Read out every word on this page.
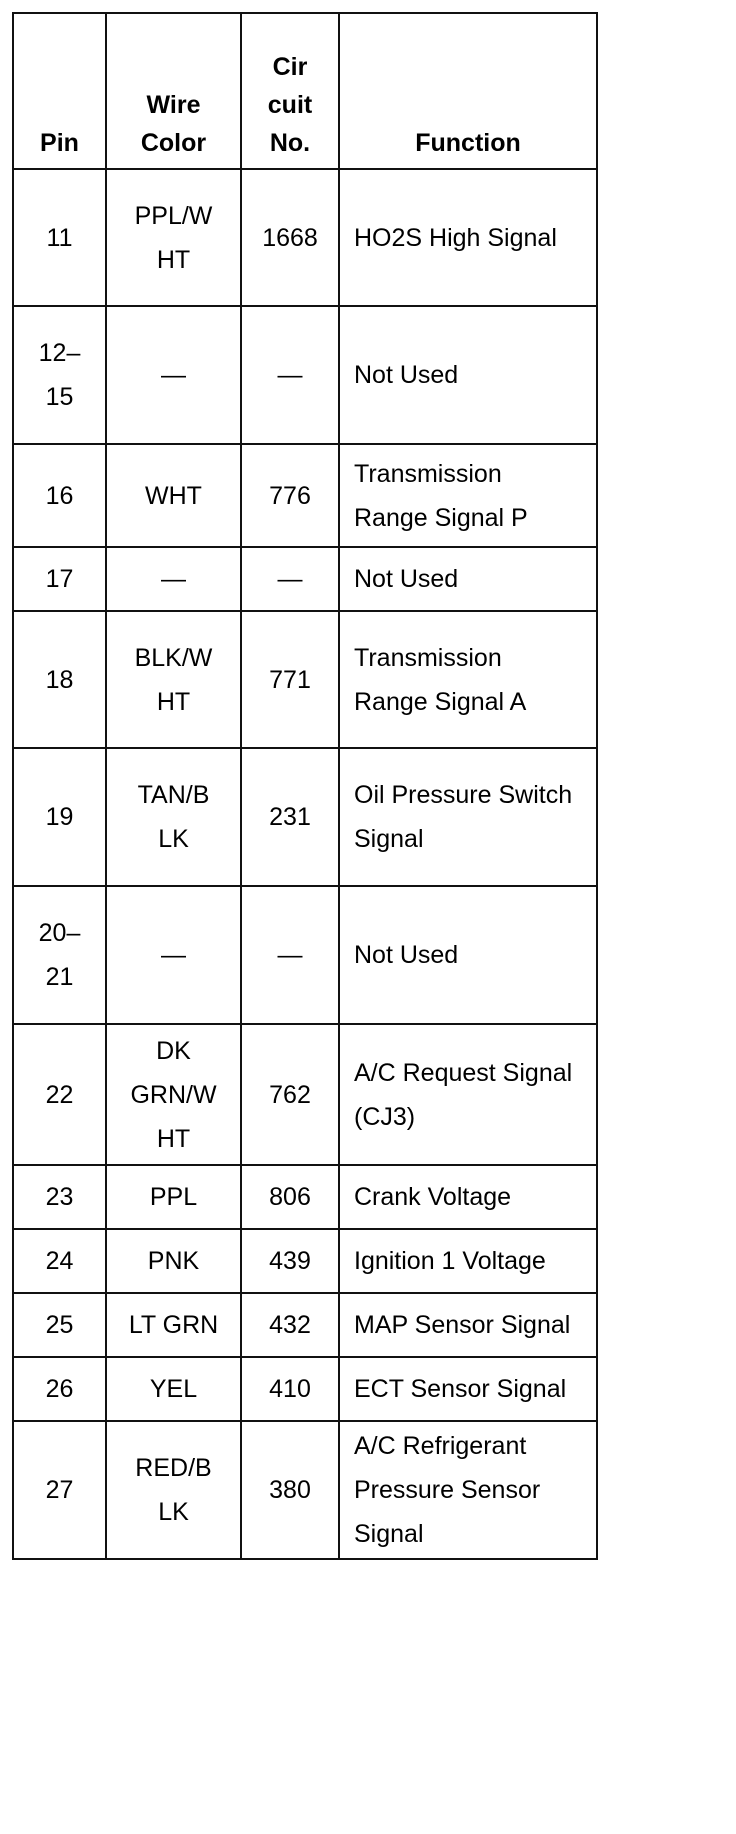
Pin	Wire Color	Cir cuit No.	Function

11	PPL/W HT	1668	HO2S High Signal

12– 15	—	—	Not Used

16	WHT	776	Transmission Range Signal P

17	—	—	Not Used

18	BLK/W HT	771	Transmission Range Signal A

19	TAN/B LK	231	Oil Pressure Switch Signal

20– 21	—	—	Not Used

22	DK GRN/W HT	762	A/C Request Signal (CJ3)

23	PPL	806	Crank Voltage

24	PNK	439	Ignition 1 Voltage

25	LT GRN	432	MAP Sensor Signal

26	YEL	410	ECT Sensor Signal

27	RED/B LK	380	A/C Refrigerant Pressure Sensor Signal
